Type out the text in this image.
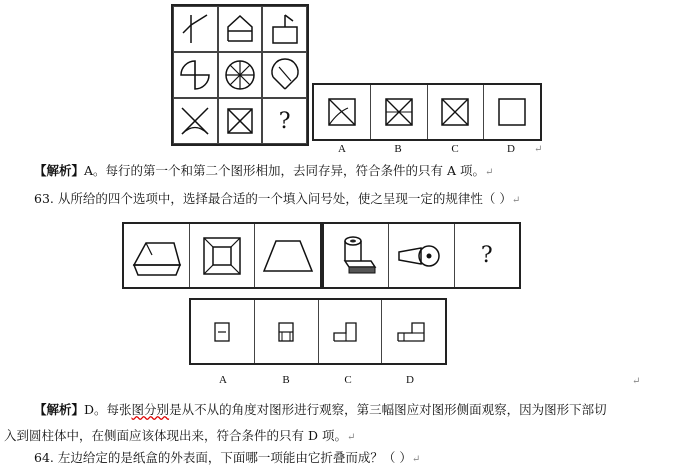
?
A	B	C	D	↵
【解析】A。每行的第一个和第二个图形相加，去同存异，符合条件的只有 A 项。↵
63. 从所给的四个选项中，选择最合适的一个填入问号处，使之呈现一定的规律性（ ）↵
?
A	B	C	D	↵
【解析】D。每张图分别是从不从的角度对图形进行观察，第三幅图应对图形侧面观察，因为图形下部切
入到圆柱体中，在侧面应该体现出来，符合条件的只有 D 项。↵
64. 左边给定的是纸盒的外表面，下面哪一项能由它折叠而成？（ ）↵
